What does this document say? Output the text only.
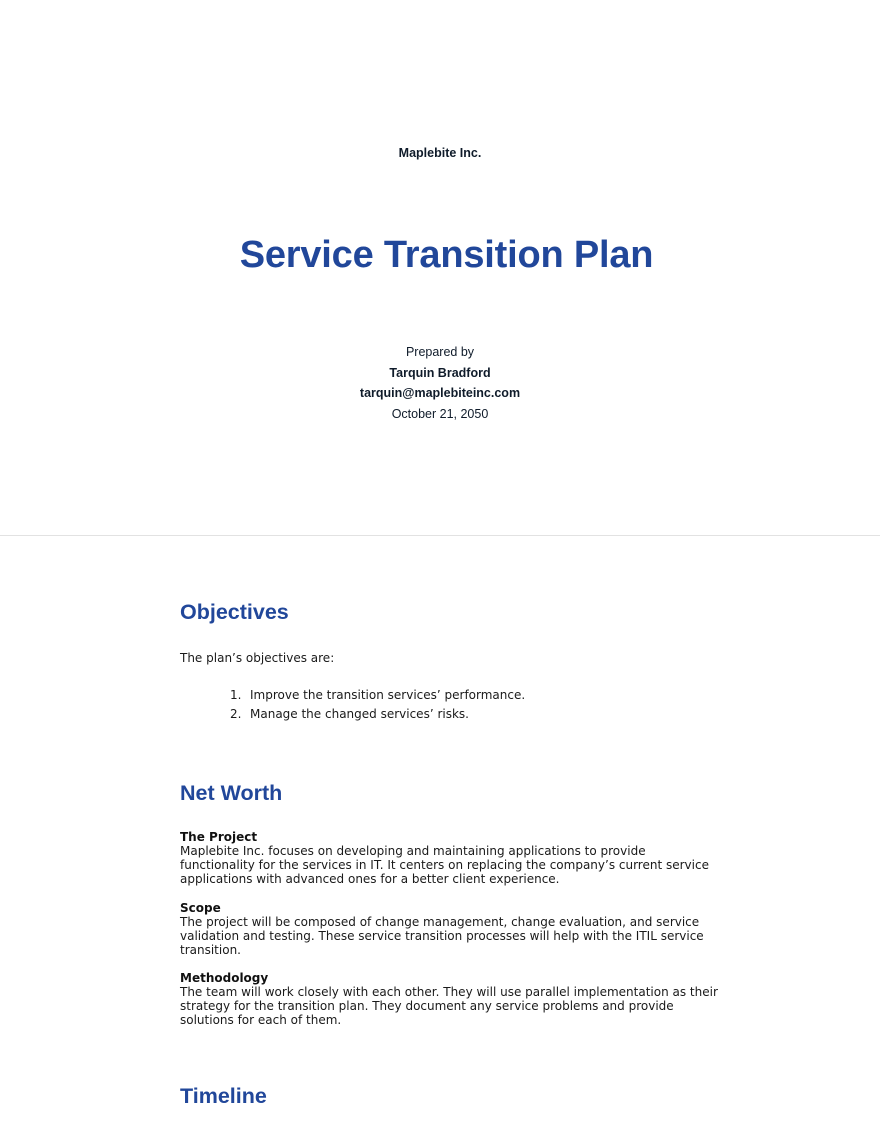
Maplebite Inc.
Service Transition Plan
Prepared by
Tarquin Bradford
tarquin@maplebiteinc.com
October 21, 2050
Objectives
The plan’s objectives are:
1. Improve the transition services’ performance.
2. Manage the changed services’ risks.
Net Worth
The Project
Maplebite Inc. focuses on developing and maintaining applications to provide functionality for the services in IT. It centers on replacing the company’s current service applications with advanced ones for a better client experience.
Scope
The project will be composed of change management, change evaluation, and service validation and testing. These service transition processes will help with the ITIL service transition.
Methodology
The team will work closely with each other. They will use parallel implementation as their strategy for the transition plan. They document any service problems and provide solutions for each of them.
Timeline
